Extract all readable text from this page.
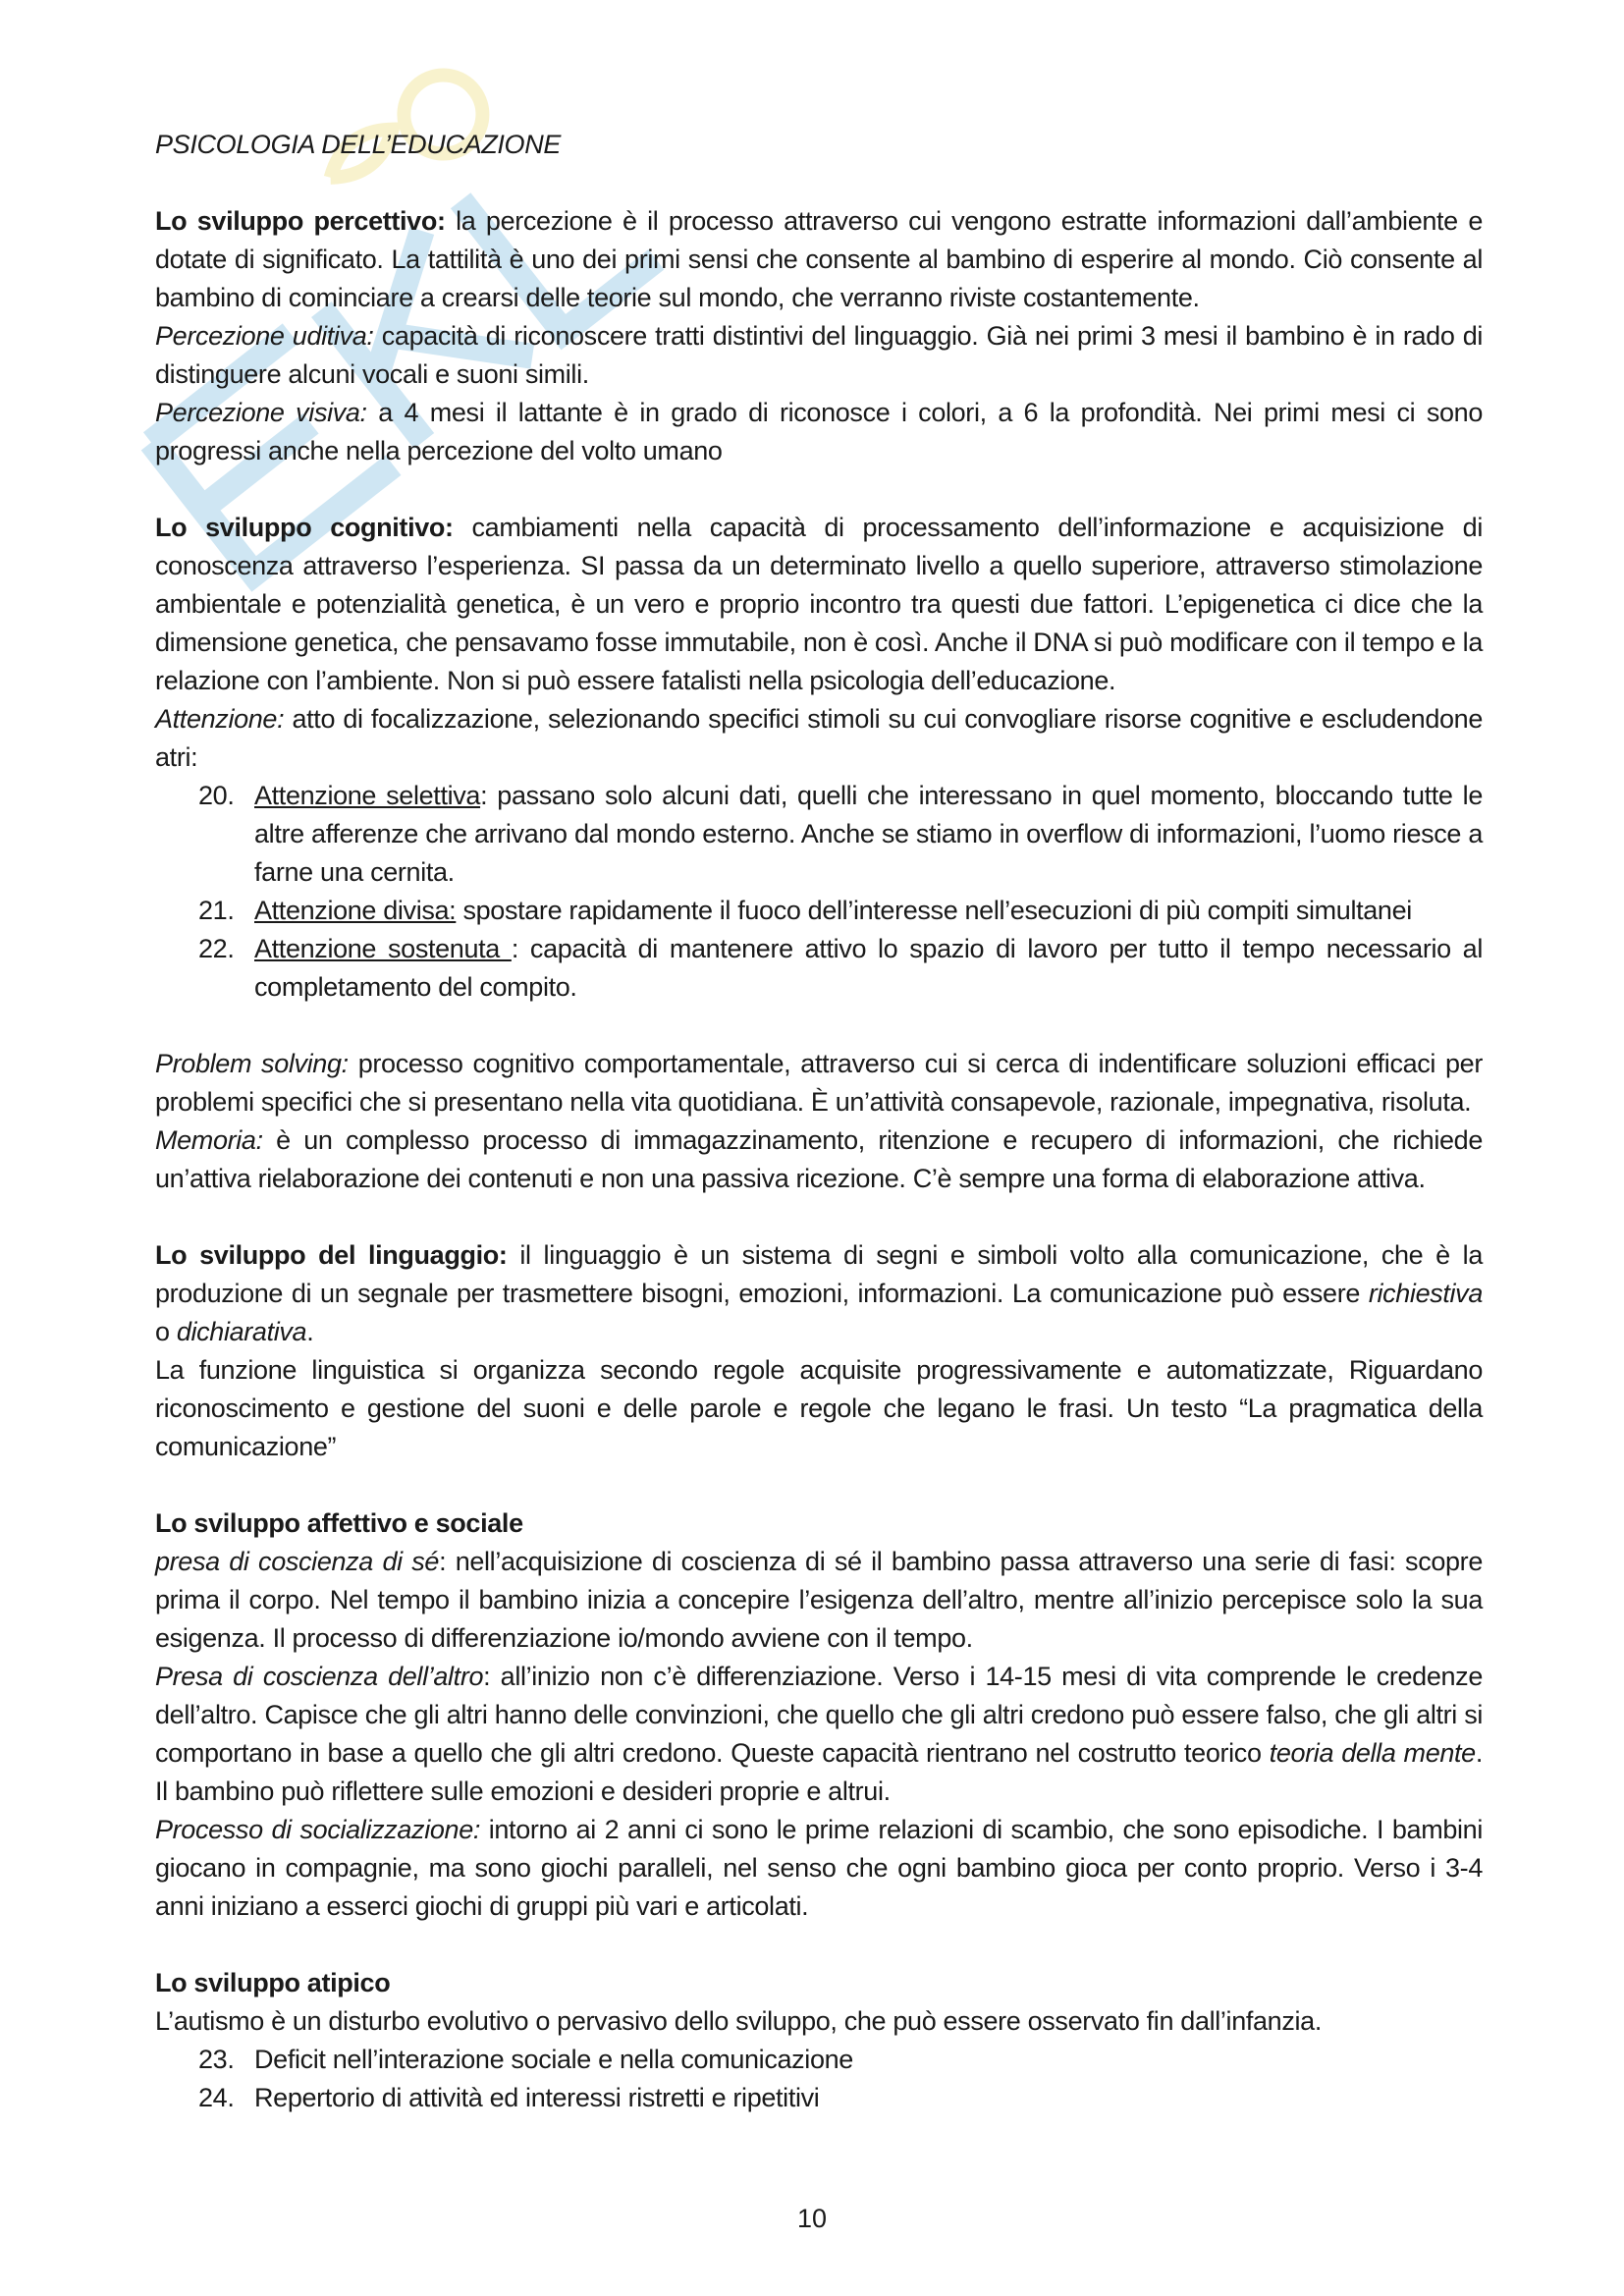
PSICOLOGIA DELL’EDUCAZIONE

Lo sviluppo percettivo: la percezione è il processo attraverso cui vengono estratte informazioni dall’ambiente e dotate di significato. La tattilità è uno dei primi sensi che consente al bambino di esperire al mondo. Ciò consente al bambino di cominciare a crearsi delle teorie sul mondo, che verranno riviste costantemente.

Percezione uditiva: capacità di riconoscere tratti distintivi del linguaggio. Già nei primi 3 mesi il bambino è in rado di distinguere alcuni vocali e suoni simili.

Percezione visiva: a 4 mesi il lattante è in grado di riconosce i colori, a 6 la profondità. Nei primi mesi ci sono progressi anche nella percezione del volto umano

Lo sviluppo cognitivo: cambiamenti nella capacità di processamento dell’informazione e acquisizione di conoscenza attraverso l’esperienza. SI passa da un determinato livello a quello superiore, attraverso stimolazione ambientale e potenzialità genetica, è un vero e proprio incontro tra questi due fattori. L’epigenetica ci dice che la dimensione genetica, che pensavamo fosse immutabile, non è così. Anche il DNA si può modificare con il tempo e la relazione con l’ambiente. Non si può essere fatalisti nella psicologia dell’educazione.

Attenzione: atto di focalizzazione, selezionando specifici stimoli su cui convogliare risorse cognitive e escludendone atri:

20. Attenzione selettiva: passano solo alcuni dati, quelli che interessano in quel momento, bloccando tutte le altre afferenze che arrivano dal mondo esterno. Anche se stiamo in overflow di informazioni, l’uomo riesce a farne una cernita.
21. Attenzione divisa: spostare rapidamente il fuoco dell’interesse nell’esecuzioni di più compiti simultanei
22. Attenzione sostenuta : capacità di mantenere attivo lo spazio di lavoro per tutto il tempo necessario al completamento del compito.

Problem solving: processo cognitivo comportamentale, attraverso cui si cerca di indentificare soluzioni efficaci per problemi specifici che si presentano nella vita quotidiana. È un’attività consapevole, razionale, impegnativa, risoluta.

Memoria: è un complesso processo di immagazzinamento, ritenzione e recupero di informazioni, che richiede un’attiva rielaborazione dei contenuti e non una passiva ricezione. C’è sempre una forma di elaborazione attiva.

Lo sviluppo del linguaggio: il linguaggio è un sistema di segni e simboli volto alla comunicazione, che è la produzione di un segnale per trasmettere bisogni, emozioni, informazioni. La comunicazione può essere richiestiva o dichiarativa.

La funzione linguistica si organizza secondo regole acquisite progressivamente e automatizzate, Riguardano riconoscimento e gestione del suoni e delle parole e regole che legano le frasi. Un testo “La pragmatica della comunicazione”

Lo sviluppo affettivo e sociale

presa di coscienza di sé: nell’acquisizione di coscienza di sé il bambino passa attraverso una serie di fasi: scopre prima il corpo. Nel tempo il bambino inizia a concepire l’esigenza dell’altro, mentre all’inizio percepisce solo la sua esigenza. Il processo di differenziazione io/mondo avviene con il tempo.

Presa di coscienza dell’altro: all’inizio non c’è differenziazione. Verso i 14-15 mesi di vita comprende le credenze dell’altro. Capisce che gli altri hanno delle convinzioni, che quello che gli altri credono può essere falso, che gli altri si comportano in base a quello che gli altri credono. Queste capacità rientrano nel costrutto teorico teoria della mente. Il bambino può riflettere sulle emozioni e desideri proprie e altrui.

Processo di socializzazione: intorno ai 2 anni ci sono le prime relazioni di scambio, che sono episodiche. I bambini giocano in compagnie, ma sono giochi paralleli, nel senso che ogni bambino gioca per conto proprio. Verso i 3-4 anni iniziano a esserci giochi di gruppi più vari e articolati.

Lo sviluppo atipico

L’autismo è un disturbo evolutivo o pervasivo dello sviluppo, che può essere osservato fin dall’infanzia.

23. Deficit nell’interazione sociale e nella comunicazione
24. Repertorio di attività ed interessi ristretti e ripetitivi
10
